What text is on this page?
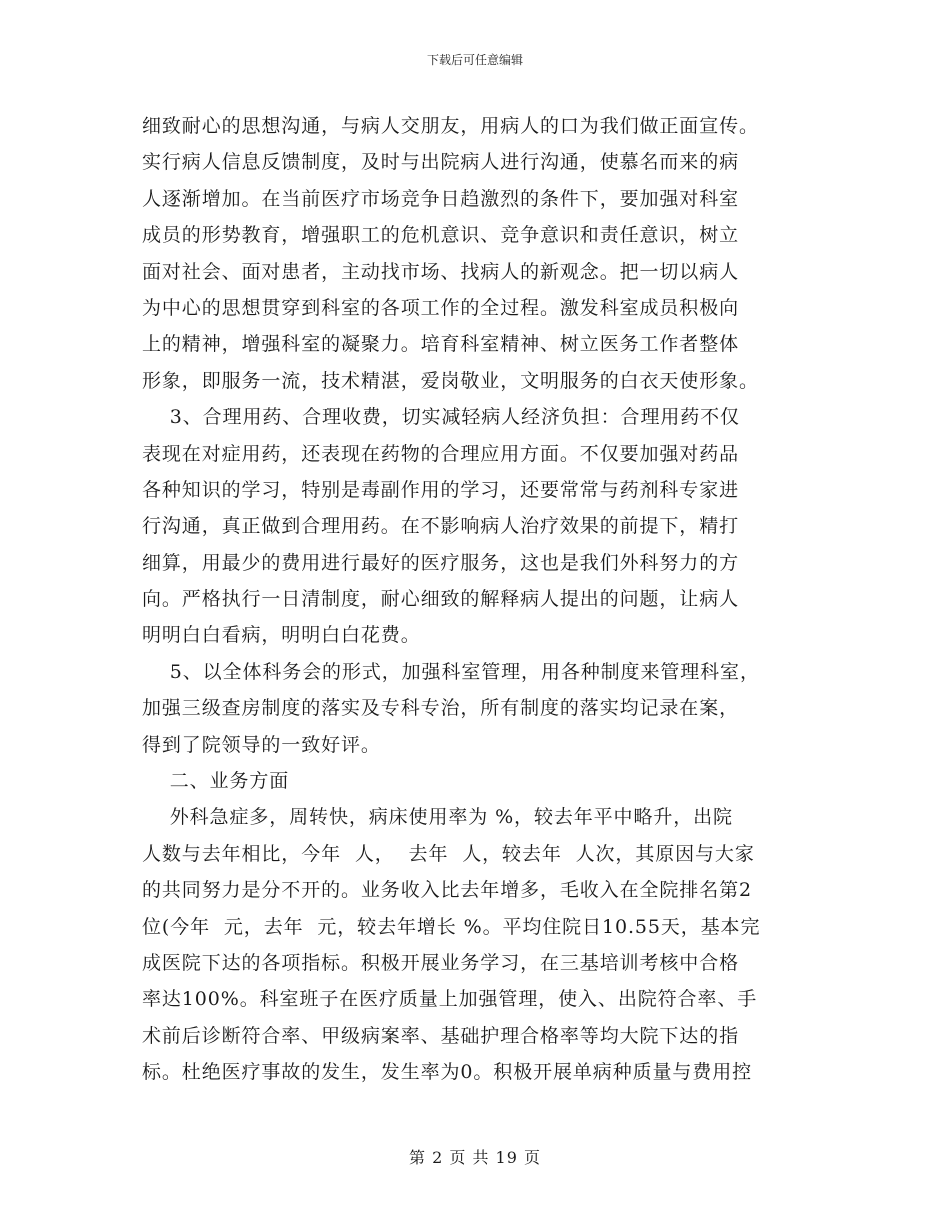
下载后可任意编辑
细致耐心的思想沟通，与病人交朋友，用病人的口为我们做正面宣传。
实行病人信息反馈制度，及时与出院病人进行沟通，使慕名而来的病
人逐渐增加。在当前医疗市场竞争日趋激烈的条件下，要加强对科室
成员的形势教育，增强职工的危机意识、竞争意识和责任意识，树立
面对社会、面对患者，主动找市场、找病人的新观念。把一切以病人
为中心的思想贯穿到科室的各项工作的全过程。激发科室成员积极向
上的精神，增强科室的凝聚力。培育科室精神、树立医务工作者整体
形象，即服务一流，技术精湛，爱岗敬业，文明服务的白衣天使形象。
3、合理用药、合理收费，切实减轻病人经济负担：合理用药不仅
表现在对症用药，还表现在药物的合理应用方面。不仅要加强对药品
各种知识的学习，特别是毒副作用的学习，还要常常与药剂科专家进
行沟通，真正做到合理用药。在不影响病人治疗效果的前提下，精打
细算，用最少的费用进行最好的医疗服务，这也是我们外科努力的方
向。严格执行一日清制度，耐心细致的解释病人提出的问题，让病人
明明白白看病，明明白白花费。
5、以全体科务会的形式，加强科室管理，用各种制度来管理科室，
加强三级查房制度的落实及专科专治，所有制度的落实均记录在案，
得到了院领导的一致好评。
二、业务方面
外科急症多，周转快，病床使用率为 %，较去年平中略升，出院
人数与去年相比，今年  人，  去年  人，较去年  人次，其原因与大家
的共同努力是分不开的。业务收入比去年增多，毛收入在全院排名第2
位(今年  元，去年  元，较去年增长 %。平均住院日10.55天，基本完
成医院下达的各项指标。积极开展业务学习，在三基培训考核中合格
率达100%。科室班子在医疗质量上加强管理，使入、出院符合率、手
术前后诊断符合率、甲级病案率、基础护理合格率等均大院下达的指
标。杜绝医疗事故的发生，发生率为0。积极开展单病种质量与费用控
第 2 页 共 19 页
